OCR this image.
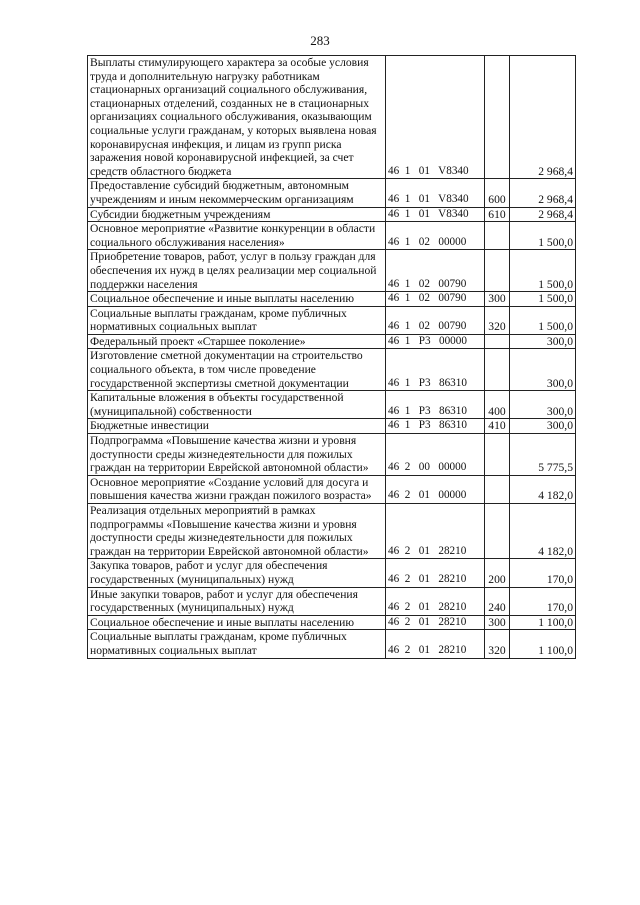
283
Выплаты стимулирующего характера за особые условия труда и дополнительную нагрузку работникам стационарных организаций социального обслуживания, стационарных отделений, созданных не в стационарных организациях социального обслуживания, оказывающим социальные услуги гражданам, у которых выявлена новая коронавирусная инфекция, и лицам из групп риска заражения новой коронавирусной инфекцией, за счет средств областного бюджета	46  1   01   V8340		2 968,4
Предоставление субсидий бюджетным, автономным учреждениям и иным некоммерческим организациям	46  1   01   V8340	600	2 968,4
Субсидии бюджетным учреждениям	46  1   01   V8340	610	2 968,4
Основное мероприятие «Развитие конкуренции в области социального обслуживания населения»	46  1   02   00000		1 500,0
Приобретение товаров, работ, услуг в пользу граждан для обеспечения их нужд в целях реализации мер социальной поддержки населения	46  1   02   00790		1 500,0
Социальное обеспечение и иные выплаты населению	46  1   02   00790	300	1 500,0
Социальные выплаты гражданам, кроме публичных нормативных социальных выплат	46  1   02   00790	320	1 500,0
Федеральный проект «Старшее поколение»	46  1   Р3   00000		300,0
Изготовление сметной документации на строительство социального объекта, в том числе проведение государственной экспертизы сметной документации	46  1   Р3   86310		300,0
Капитальные вложения в объекты государственной (муниципальной) собственности	46  1   Р3   86310	400	300,0
Бюджетные инвестиции	46  1   Р3   86310	410	300,0
Подпрограмма «Повышение качества жизни и уровня доступности среды жизнедеятельности для пожилых граждан на территории Еврейской автономной области»	46  2   00   00000		5 775,5
Основное мероприятие «Создание условий для досуга и повышения качества жизни граждан пожилого возраста»	46  2   01   00000		4 182,0
Реализация отдельных мероприятий в рамках подпрограммы «Повышение качества жизни и уровня доступности среды жизнедеятельности для пожилых граждан на территории Еврейской автономной области»	46  2   01   28210		4 182,0
Закупка товаров, работ и услуг для обеспечения государственных (муниципальных) нужд	46  2   01   28210	200	170,0
Иные закупки товаров, работ и услуг для обеспечения государственных (муниципальных) нужд	46  2   01   28210	240	170,0
Социальное обеспечение и иные выплаты населению	46  2   01   28210	300	1 100,0
Социальные выплаты гражданам, кроме публичных нормативных социальных выплат	46  2   01   28210	320	1 100,0
